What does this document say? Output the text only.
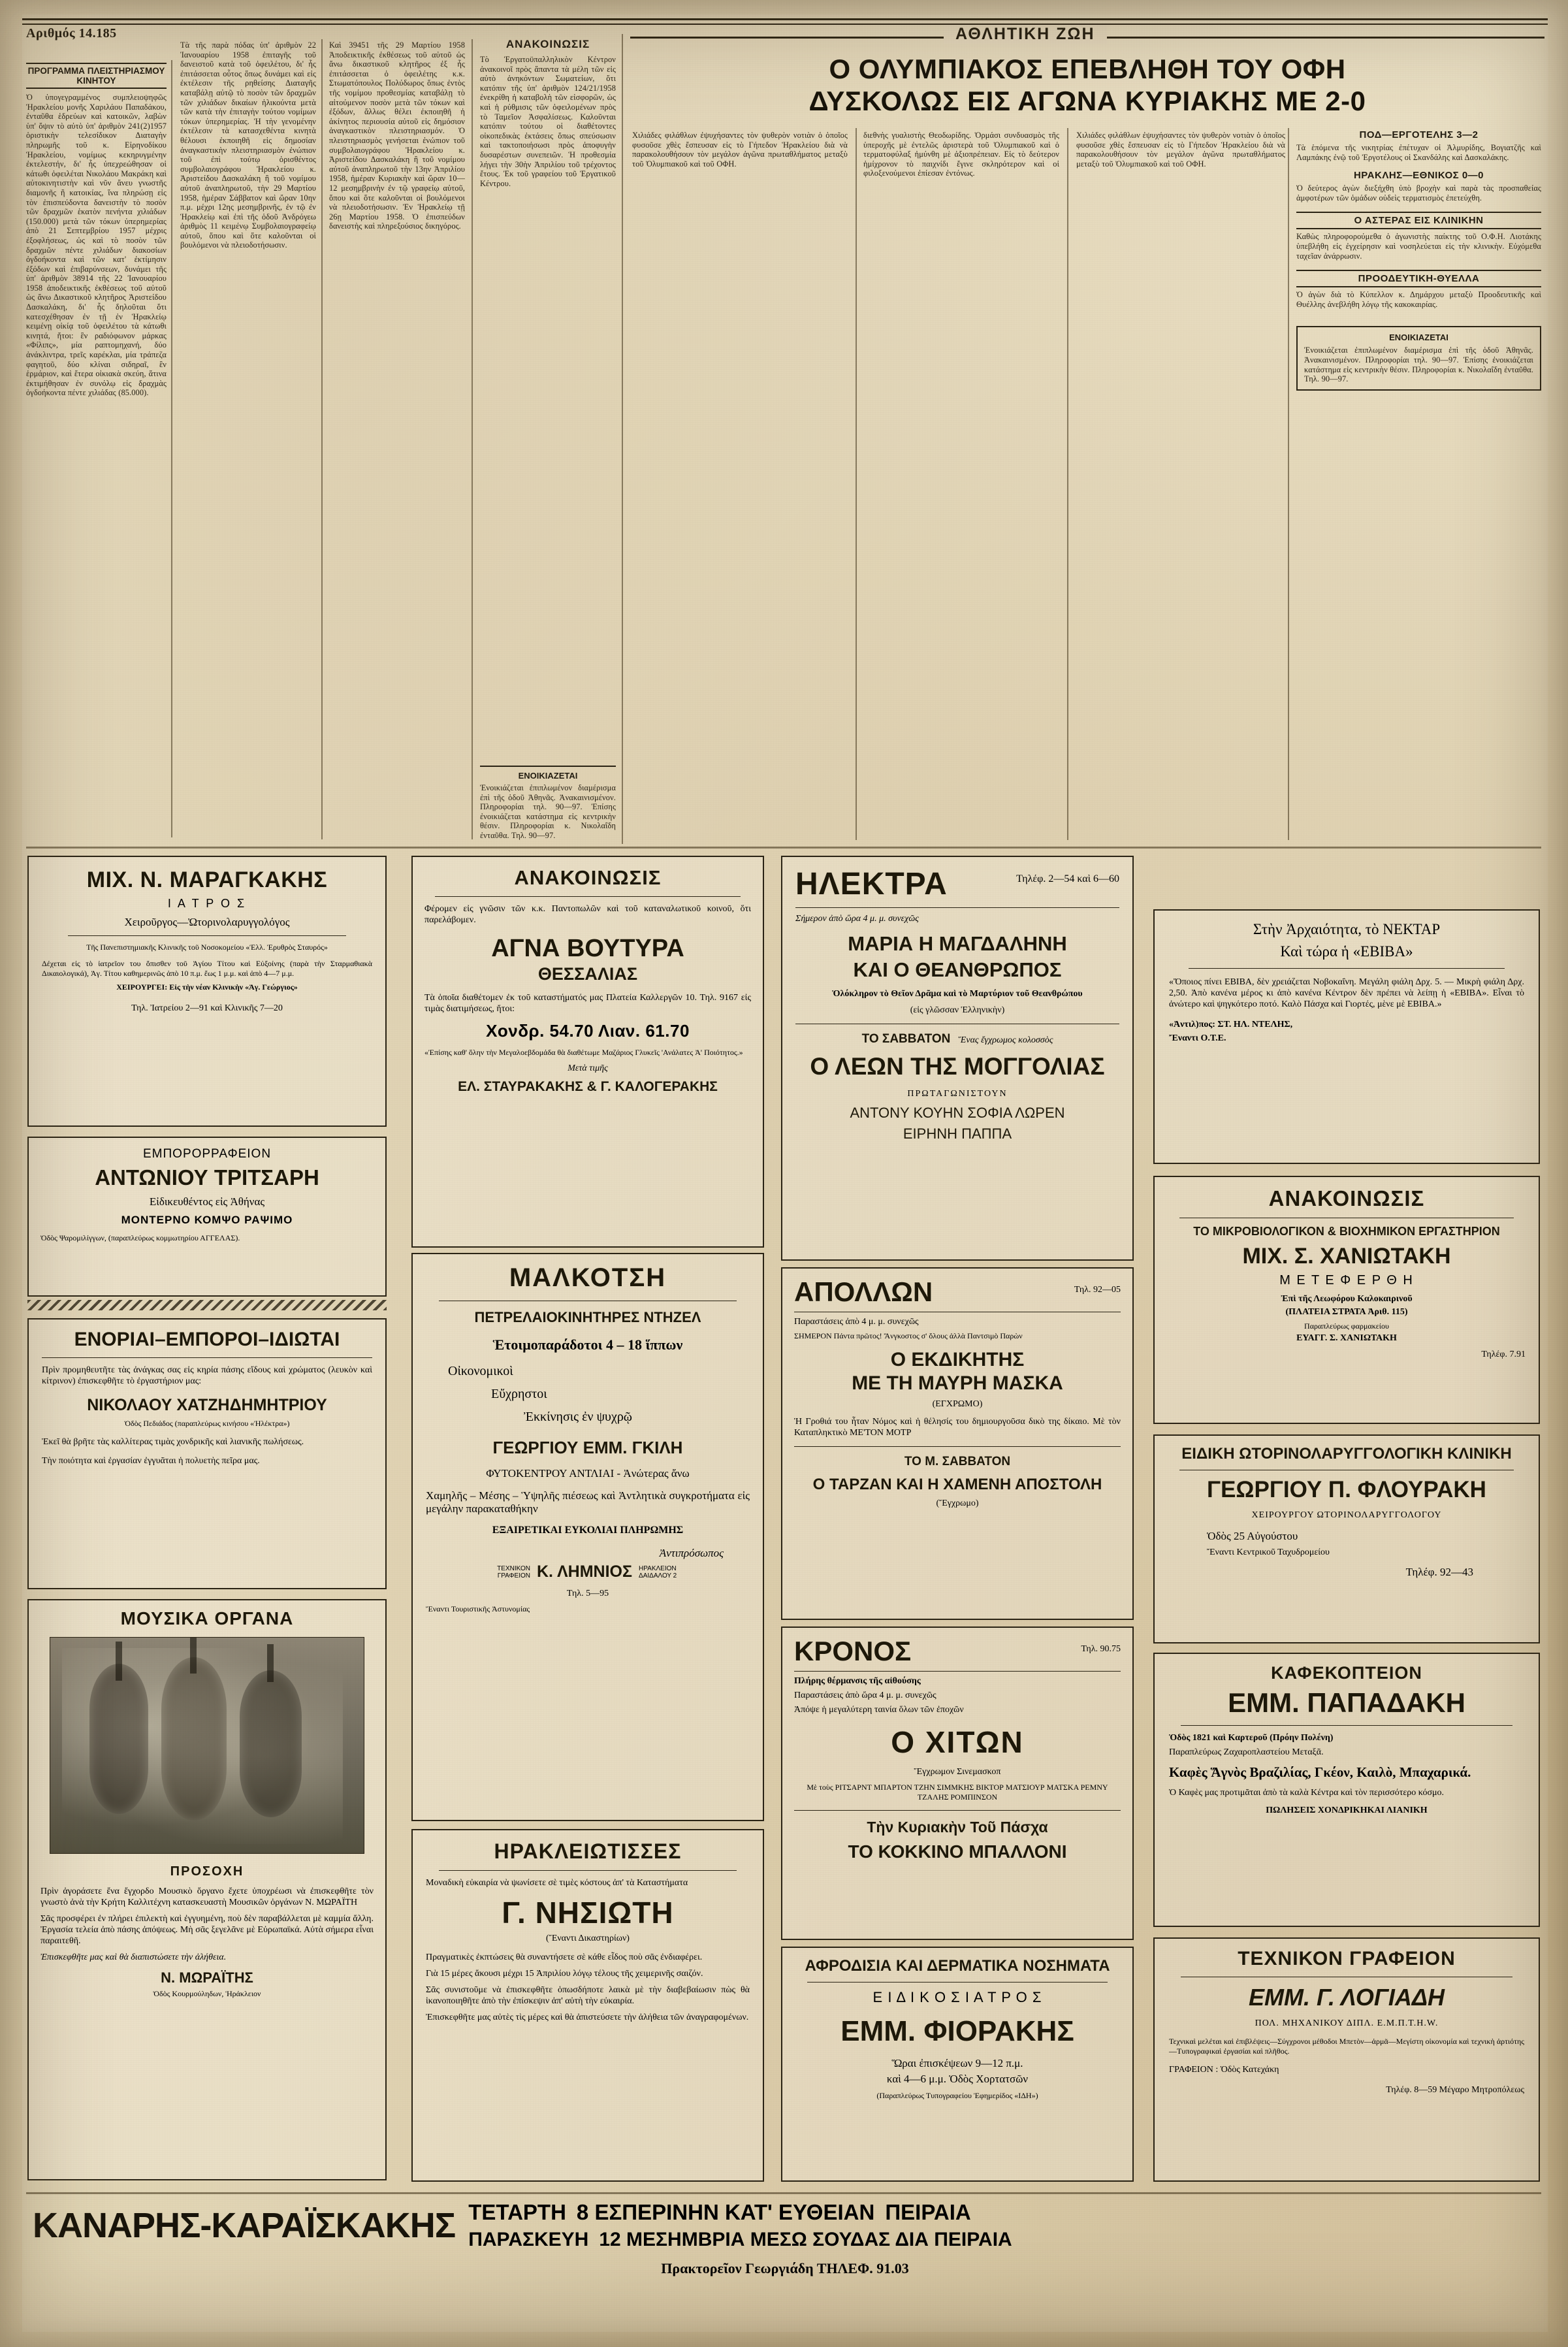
Αριθμός 14.185
ΠΡΟΓΡΑΜΜΑ ΠΛΕΙΣΤΗΡΙΑΣΜΟΥ ΚΙΝΗΤΟΥ
Ὁ ὑπογεγραμμένος συμπλειοψηφῶς Ἡρακλείου μονῆς Χαριλάου Παπαδάκου, ἐνταῦθα ἑδρεύων καὶ κατοικῶν, λαβὼν ὑπ' ὄψιν τὸ αὐτὸ ὑπ' ἀριθμὸν 241(2)1957 ὁριστικὴν τελεσίδικον Διαταγὴν πληρωμῆς τοῦ κ. Εἰρηνοδίκου Ἡρακλείου, νομίμως κεκηρυγμένην ἐκτελεστήν, δι' ἧς ὑπεχρεώθησαν οἱ κάτωθι ὀφειλέται Νικολάου Μακράκη καὶ αὐτοκινητιστὴν καὶ νῦν ἄνευ γνωστῆς διαμονῆς ἢ κατοικίας, ἵνα πληρώσῃ εἰς τὸν ἐπισπεύδοντα δανειστὴν τὸ ποσὸν τῶν δραχμῶν ἑκατὸν πενήντα χιλιάδων (150.000) μετὰ τῶν τόκων ὑπερημερίας ἀπὸ 21 Σεπτεμβρίου 1957 μέχρις ἐξοφλήσεως, ὡς καὶ τὸ ποσὸν τῶν δραχμῶν πέντε χιλιάδων διακοσίων ὀγδοήκοντα καὶ τῶν κατ' ἐκτίμησιν ἐξόδων καὶ ἐπιβαρύνσεων, δυνάμει τῆς ὑπ' ἀριθμὸν 38914 τῆς 22 Ἰανουαρίου 1958 ἀποδεικτικῆς ἐκθέσεως τοῦ αὐτοῦ ὡς ἄνω Δικαστικοῦ κλητῆρος Ἀριστείδου Δασκαλάκη, δι' ἧς δηλοῦται ὅτι κατεσχέθησαν ἐν τῇ ἐν Ἡρακλείῳ κειμένῃ οἰκίᾳ τοῦ ὀφειλέτου τὰ κάτωθι κινητά, ἤτοι: ἓν ραδιόφωνον μάρκας «Φίλιπς», μία ραπτομηχανή, δύο ἀνάκλιντρα, τρεῖς καρέκλαι, μία τράπεζα φαγητοῦ, δύο κλίναι σιδηραῖ, ἓν ἑρμάριον, καὶ ἕτερα οἰκιακὰ σκεύη, ἅτινα ἐκτιμήθησαν ἐν συνόλῳ εἰς δραχμὰς ὀγδοήκοντα πέντε χιλιάδας (85.000).
Τὰ τῆς παρὰ πόδας ὑπ' ἀριθμὸν 22 Ἰανουαρίου 1958 ἐπιταγῆς τοῦ δανειστοῦ κατὰ τοῦ ὀφειλέτου, δι' ἧς ἐπιτάσσεται οὗτος ὅπως δυνάμει καὶ εἰς ἐκτέλεσιν τῆς ρηθείσης Διαταγῆς καταβάλῃ αὐτῷ τὸ ποσὸν τῶν δραχμῶν τῶν χιλιάδων δικαίων ἡλικούντα μετὰ τῶν κατὰ τὴν ἐπιταγὴν τούτου νομίμων τόκων ὑπερημερίας. Ἡ τὴν γενομένην ἐκτέλεσιν τὰ κατασχεθέντα κινητὰ θέλουσι ἐκποιηθῆ εἰς δημοσίαν ἀναγκαστικὴν πλειστηριασμὸν ἐνώπιον τοῦ ἐπὶ τούτῳ ὁρισθέντος συμβολαιογράφου Ἡρακλείου κ. Ἀριστείδου Δασκαλάκη ἢ τοῦ νομίμου αὐτοῦ ἀναπληρωτοῦ, τὴν 29 Μαρτίου 1958, ἡμέραν Σάββατον καὶ ὥραν 10ην π.μ. μέχρι 12ης μεσημβρινῆς, ἐν τῷ ἐν Ἡρακλείῳ καὶ ἐπὶ τῆς ὁδοῦ Ἀνδρόγεω ἀριθμὸς 11 κειμένῳ Συμβολαιογραφείῳ αὐτοῦ, ὅπου καὶ ὅτε καλοῦνται οἱ βουλόμενοι νὰ πλειοδοτήσωσιν.
Καὶ 39451 τῆς 29 Μαρτίου 1958 Ἀποδεικτικῆς ἐκθέσεως τοῦ αὐτοῦ ὡς ἄνω δικαστικοῦ κλητῆρος ἐξ ἧς ἐπιτάσσεται ὁ ὀφειλέτης κ.κ. Στωματόπουλος Πολύδωρος ὅπως ἐντὸς τῆς νομίμου προθεσμίας καταβάλῃ τὸ αἰτούμενον ποσὸν μετὰ τῶν τόκων καὶ ἐξόδων, ἄλλως θέλει ἐκποιηθῆ ἡ ἀκίνητος περιουσία αὐτοῦ εἰς δημόσιον ἀναγκαστικὸν πλειστηριασμόν. Ὁ πλειστηριασμὸς γενήσεται ἐνώπιον τοῦ συμβολαιογράφου Ἡρακλείου κ. Ἀριστείδου Δασκαλάκη ἢ τοῦ νομίμου αὐτοῦ ἀναπληρωτοῦ τὴν 13ην Ἀπριλίου 1958, ἡμέραν Κυριακὴν καὶ ὥραν 10—12 μεσημβρινὴν ἐν τῷ γραφείῳ αὐτοῦ, ὅπου καὶ ὅτε καλοῦνται οἱ βουλόμενοι νὰ πλειοδοτήσωσιν. Ἐν Ἡρακλείῳ τῇ 26ῃ Μαρτίου 1958. Ὁ ἐπισπεύδων δανειστὴς καὶ πληρεξούσιος δικηγόρος.
ΑΝΑΚΟΙΝΩΣΙΣ
Τὸ Ἐργατοϋπαλληλικὸν Κέντρον ἀνακοινοῖ πρὸς ἅπαντα τὰ μέλη τῶν εἰς αὐτὸ ἀνηκόντων Σωματείων, ὅτι κατόπιν τῆς ὑπ' ἀριθμὸν 124/21/1958 ἐνεκρίθη ἡ καταβολὴ τῶν εἰσφορῶν, ὡς καὶ ἡ ρύθμισις τῶν ὀφειλομένων πρὸς τὸ Ταμεῖον Ἀσφαλίσεως. Καλοῦνται κατόπιν τούτου οἱ διαθέτοντες οἰκοπεδικὰς ἐκτάσεις ὅπως σπεύσωσιν καὶ τακτοποιήσωσι πρὸς ἀποφυγὴν δυσαρέστων συνεπειῶν. Ἡ προθεσμία λήγει τὴν 30ὴν Ἀπριλίου τοῦ τρέχοντος ἔτους. Ἐκ τοῦ γραφείου τοῦ Ἐργατικοῦ Κέντρου.
ΕΝΟΙΚΙΑΖΕΤΑΙ
Ἐνοικιάζεται ἐπιπλωμένον διαμέρισμα ἐπὶ τῆς ὁδοῦ Ἀθηνᾶς. Ἀνακαινισμένον. Πληροφορίαι τηλ. 90—97. Ἐπίσης ἐνοικιάζεται κατάστημα εἰς κεντρικὴν θέσιν. Πληροφορίαι κ. Νικολαΐδη ἐνταῦθα. Τηλ. 90—97.
ΑΘΛΗΤΙΚΗ ΖΩΗ
Ο ΟΛΥΜΠΙΑΚΟΣ ΕΠΕΒΛΗΘΗ ΤΟΥ ΟΦΗ
ΔΥΣΚΟΛΩΣ ΕΙΣ ΑΓΩΝΑ ΚΥΡΙΑΚΗΣ ΜΕ 2-0
Χιλιάδες φιλάθλων ἐψυχήσαντες τὸν ψυθερὸν νοτιὰν ὁ ὁποῖος φυσοῦσε χθὲς ἔσπευσαν εἰς τὸ Γήπεδον Ἡρακλείου διὰ νὰ παρακολουθήσουν τὸν μεγάλον ἀγῶνα πρωταθλήματος μεταξὺ τοῦ Ὀλυμπιακοῦ καὶ τοῦ ΟΦΗ.
διεθνὴς γυαλιστὴς Θεοδωρίδης. Ὁρμάσι συνδυασμὸς τῆς ὑπεροχῆς μὲ ἐντελῶς ἀριστερὰ τοῦ Ὀλυμπιακοῦ καὶ ὁ τερματοφύλαξ ἠμύνθη μὲ ἀξιοπρέπειαν. Εἰς τὸ δεύτερον ἡμίχρονον τὸ παιχνίδι ἔγινε σκληρότερον καὶ οἱ φιλοξενούμενοι ἐπίεσαν ἐντόνως.
Χιλιάδες φιλάθλων ἐψυχήσαντες τὸν ψυθερὸν νοτιὰν ὁ ὁποῖος φυσοῦσε χθὲς ἔσπευσαν εἰς τὸ Γήπεδον Ἡρακλείου διὰ νὰ παρακολουθήσουν τὸν μεγάλον ἀγῶνα πρωταθλήματος μεταξὺ τοῦ Ὀλυμπιακοῦ καὶ τοῦ ΟΦΗ.
ΠΟΔ—ΕΡΓΟΤΕΛΗΣ 3—2
Τὰ ἑπόμενα τῆς νικητρίας ἐπέτυχαν οἱ Ἀλμυρίδης, Βογιατζῆς καὶ Λαμπάκης ἐνῷ τοῦ Ἐργοτέλους οἱ Σκανδάλης καὶ Δασκαλάκης.
ΗΡΑΚΛΗΣ—ΕΘΝΙΚΟΣ 0—0
Ὁ δεύτερος ἀγὼν διεξήχθη ὑπὸ βροχὴν καὶ παρὰ τὰς προσπαθείας ἀμφοτέρων τῶν ὁμάδων οὐδεὶς τερματισμὸς ἐπετεύχθη.
Ο ΑΣΤΕΡΑΣ ΕΙΣ ΚΛΙΝΙΚΗΝ
Καθὼς πληροφορούμεθα ὁ ἀγωνιστὴς παίκτης τοῦ Ο.Φ.Η. Λιοτάκης ὑπεβλήθη εἰς ἐγχείρησιν καὶ νοσηλεύεται εἰς τὴν κλινικὴν. Εὐχόμεθα ταχεῖαν ἀνάρρωσιν.
ΠΡΟΟΔΕΥΤΙΚΗ-ΘΥΕΛΛΑ
Ὁ ἀγὼν διὰ τὸ Κύπελλον κ. Δημάρχου μεταξὺ Προοδευτικῆς καὶ Θυέλλης ἀνεβλήθη λόγῳ τῆς κακοκαιρίας.
ΕΝΟΙΚΙΑΖΕΤΑΙ
Ἐνοικιάζεται ἐπιπλωμένον διαμέρισμα ἐπὶ τῆς ὁδοῦ Ἀθηνᾶς. Ἀνακαινισμένον. Πληροφορίαι τηλ. 90—97. Ἐπίσης ἐνοικιάζεται κατάστημα εἰς κεντρικὴν θέσιν. Πληροφορίαι κ. Νικολαΐδη ἐνταῦθα. Τηλ. 90—97.
ΜΙΧ. Ν. ΜΑΡΑΓΚΑΚΗΣ
Ι Α Τ Ρ Ο Σ
Χειροῦργος—Ὠτορινολαρυγγολόγος
Τῆς Πανεπιστημιακῆς Κλινικῆς τοῦ Νοσοκομείου «Ἑλλ. Ἐρυθρὸς Σταυρός»
Δέχεται εἰς τὸ ἰατρεῖον του ὄπισθεν τοῦ Ἁγίου Τίτου καὶ Εὐξοίνης (παρὰ τὴν Σταρμαθιακὰ Δικαιολογικά), Ἁγ. Τίτου καθημερινῶς ἀπὸ 10 π.μ. ἕως 1 μ.μ. καὶ ἀπὸ 4—7 μ.μ.
ΧΕΙΡΟΥΡΓΕΙ: Εἰς τὴν νέαν Κλινικὴν «Ἁγ. Γεώργιος»
Τηλ. Ἰατρείου 2—91 καὶ Κλινικῆς 7—20
ΕΜΠΟΡΟΡΡΑΦΕΙΟΝ
ΑΝΤΩΝΙΟΥ ΤΡΙΤΣΑΡΗ
Εἰδικευθέντος εἰς Ἀθήνας
ΜΟΝΤΕΡΝΟ ΚΟΜΨΟ ΡΑΨΙΜΟ
Ὁδὸς Ψαρομιλίγγων, (παραπλεύρως κομμωτηρίου ΑΓΓΕΛΑΣ).
ΕΝΟΡΙΑΙ–ΕΜΠΟΡΟΙ–ΙΔΙΩΤΑΙ
Πρὶν προμηθευτῆτε τὰς ἀνάγκας σας εἰς κηρία πάσης εἴδους καὶ χρώματος (λευκὸν καὶ κίτρινον) ἐπισκεφθῆτε τὸ ἐργαστήριον μας:
ΝΙΚΟΛΑΟΥ ΧΑΤΖΗΔΗΜΗΤΡΙΟΥ
Ὁδὸς Πεδιάδος (παραπλεύρως κινήσου «Ἠλέκτρα»)
Ἐκεῖ θὰ βρῆτε τὰς καλλίτερας τιμὰς χονδρικῆς καὶ λιανικῆς πωλήσεως.
Τὴν ποιότητα καὶ ἐργασίαν ἐγγυᾶται ἡ πολυετὴς πεῖρα μας.
ΜΟΥΣΙΚΑ ΟΡΓΑΝΑ
ΠΡΟΣΟΧΗ
Πρὶν ἀγοράσετε ἕνα ἔγχορδο Μουσικὸ ὄργανο ἔχετε ὑποχρέωσι νὰ ἐπισκεφθῆτε τὸν γνωστὸ ἀνὰ τὴν Κρήτη Καλλιτέχνη κατασκευαστὴ Μουσικῶν ὀργάνων Ν. ΜΩΡΑΪΤΗ
Σᾶς προσφέρει ἐν πλήρει ἐπιλεκτὴ καὶ ἐγγυημένη, ποὺ δὲν παραβάλλεται μὲ καμμία ἄλλη. Ἐργασία τελεία ἀπὸ πάσης ἀπόψεως. Μὴ σᾶς ξεγελᾶνε μὲ Εὐρωπαϊκά. Αὐτὰ σήμερα εἶναι παραιτεθῆ.
Ἐπισκεφθῆτε μας καὶ θὰ διαπιστώσετε τὴν ἀλήθεια.
Ν. ΜΩΡΑΪΤΗΣ
Ὁδὸς Κουρμούληδων, Ἡράκλειον
ΑΝΑΚΟΙΝΩΣΙΣ
Φέρομεν εἰς γνῶσιν τῶν κ.κ. Παντοπωλῶν καὶ τοῦ καταναλωτικοῦ κοινοῦ, ὅτι παρελάβομεν.
ΑΓΝΑ ΒΟΥΤΥΡΑ
ΘΕΣΣΑΛΙΑΣ
Τὰ ὁποῖα διαθέτομεν ἐκ τοῦ καταστήματός μας Πλατεία Καλλεργῶν 10. Τηλ. 9167 εἰς τιμὰς διατιμήσεως, ἤτοι:
Χονδρ. 54.70 Λιαν. 61.70
«Ἐπίσης καθ' ὅλην τὴν Μεγαλοεβδομάδα θὰ διαθέτωμε Μαζάριος Γλυκεῖς 'Ανάλατες Ἀ' Ποιότητος.»
Μετὰ τιμῆς
ΕΛ. ΣΤΑΥΡΑΚΑΚΗΣ & Γ. ΚΑΛΟΓΕΡΑΚΗΣ
ΜΑΛΚΟΤΣΗ
ΠΕΤΡΕΛΑΙΟΚΙΝΗΤΗΡΕΣ ΝΤΗΖΕΛ
Ἑτοιμοπαράδοτοι 4 – 18 ἵππων
Οἰκονομικοὶ
Εὔχρηστοι
Ἐκκίνησις ἐν ψυχρῷ
ΓΕΩΡΓΙΟΥ ΕΜΜ. ΓΚΙΛΗ
ΦΥΤΟΚΕΝΤΡΟΥ ΑΝΤΛΙΑΙ - Ἀνώτερας ἄνω
Χαμηλῆς – Μέσης – Ὑψηλῆς πιέσεως καὶ Ἀντλητικὰ συγκροτήματα εἰς μεγάλην παρακαταθήκην
ΕΞΑΙΡΕΤΙΚΑΙ ΕΥΚΟΛΙΑΙ ΠΛΗΡΩΜΗΣ
Ἀντιπρόσωπος
ΤΕΧΝΙΚΟΝ ΓΡΑΦΕΙΟΝ Κ. ΛΗΜΝΙΟΣ ΗΡΑΚΛΕΙΟΝ ΔΑΙΔΑΛΟΥ 2
Τηλ. 5—95
Ἔναντι Τουριστικῆς Ἀστυνομίας
ΗΡΑΚΛΕΙΩΤΙΣΣΕΣ
Μοναδικὴ εὐκαιρία νὰ ψωνίσετε σὲ τιμὲς κόστους ἀπ' τὰ Καταστήματα
Γ. ΝΗΣΙΩΤΗ
(Ἔναντι Δικαστηρίων)
Πραγματικὲς ἐκπτώσεις θὰ συναντήσετε σὲ κάθε εἶδος ποὺ σᾶς ἐνδιαφέρει.
Γιὰ 15 μέρες ἄκουσι μέχρι 15 Ἀπριλίου λόγῳ τέλους τῆς χειμερινῆς σαιζόν.
Σᾶς συνιστοῦμε νὰ ἐπισκεφθῆτε ὁπωσδήποτε λαικὰ μὲ τὴν διαβεβαίωσιν πὼς θὰ ἱκανοποιηθῆτε ἀπὸ τὴν ἐπίσκεψιν ἀπ' αὐτὴ τὴν εὐκαιρία.
Ἐπισκεφθῆτε μας αὐτὲς τὶς μέρες καὶ θὰ ἀπιστεύσετε τὴν ἀλήθεια τῶν ἀναγραφομένων.
ΗΛΕΚΤΡΑ	Τηλέφ. 2—54 καὶ 6—60
Σήμερον ἀπὸ ὥρα 4 μ. μ. συνεχῶς
ΜΑΡΙΑ Η ΜΑΓΔΑΛΗΝΗ
ΚΑΙ Ο ΘΕΑΝΘΡΩΠΟΣ
Ὁλόκληρον τὸ Θεῖον Δρᾶμα καὶ τὸ Μαρτύριον τοῦ Θεανθρώπου
(εἰς γλῶσσαν Ἑλληνικὴν)
ΤΟ ΣΑΒΒΑΤΟΝ Ἕνας ἔγχρωμος κολοσσὸς
Ο ΛΕΩΝ ΤΗΣ ΜΟΓΓΟΛΙΑΣ
ΠΡΩΤΑΓΩΝΙΣΤΟΥΝ
ΑΝΤΟΝΥ ΚΟΥΗΝ ΣΟΦΙΑ ΛΩΡΕΝ
ΕΙΡΗΝΗ ΠΑΠΠΑ
ΑΠΟΛΛΩΝ	Τηλ. 92—05
Παραστάσεις ἀπὸ 4 μ. μ. συνεχῶς
ΣΗΜΕΡΟΝ Πάντα πρῶτος! Ἄνγκοστος σ' ὅλους ἀλλὰ Παντσιμὸ Παρὼν
Ο ΕΚΔΙΚΗΤΗΣ
ΜΕ ΤΗ ΜΑΥΡΗ ΜΑΣΚΑ
(ΕΓΧΡΩΜΟ)
Ἡ Γροθιά του ἦταν Νόμος καὶ ἡ θέλησίς του δημιουργοῦσα δικὸ της δίκαιο. Μὲ τὸν Καταπληκτικὸ ΜΕ'ΤΟΝ ΜΟΤΡ
ΤΟ Μ. ΣΑΒΒΑΤΟΝ
Ο ΤΑΡΖΑΝ ΚΑΙ Η ΧΑΜΕΝΗ ΑΠΟΣΤΟΛΗ
(Ἔγχρωμο)
ΚΡΟΝΟΣ	Τηλ. 90.75
Πλήρης θέρμανσις τῆς αἰθούσης
Παραστάσεις ἀπὸ ὥρα 4 μ. μ. συνεχῶς
Ἀπόψε ἡ μεγαλύτερη ταινία ὅλων τῶν ἐποχῶν
Ο ΧΙΤΩΝ
Ἔγχρωμον Σινεμασκοπ
Μὲ τοὺς ΡΙΤΣΑΡΝΤ ΜΠΑΡΤΟΝ ΤΖΗΝ ΣΙΜΜΚΗΣ ΒΙΚΤΟΡ ΜΑΤΣΙΟΥΡ ΜΑΤΣΚΑ ΡΕΜΝΥ ΤΖΑΛΗΣ ΡΟΜΠΙΝΣΟΝ
Τὴν Κυριακὴν Τοῦ Πάσχα
ΤΟ ΚΟΚΚΙΝΟ ΜΠΑΛΛΟΝΙ
ΑΦΡΟΔΙΣΙΑ ΚΑΙ ΔΕΡΜΑΤΙΚΑ ΝΟΣΗΜΑΤΑ
Ε Ι Δ Ι Κ Ο Σ Ι Α Τ Ρ Ο Σ
ΕΜΜ. ΦΙΟΡΑΚΗΣ
Ὥραι ἐπισκέψεων 9—12 π.μ.
καὶ 4—6 μ.μ. Ὁδὸς Χορτατσῶν
(Παραπλεύρως Τυπογραφείου Ἐφημερίδος «ΙΔΗ»)
Στὴν Ἀρχαιότητα, τὸ ΝΕΚΤΑΡ
Καὶ τώρα ἡ «ΕΒΙΒΑ»
«Ὅποιος πίνει ΕΒΙΒΑ, δὲν χρειάζεται Νοβοκαΐνη. Μεγάλη φιάλη Δρχ. 5. — Μικρὴ φιάλη Δρχ. 2,50. Ἀπὸ κανένα μέρος κι ἀπὸ κανένα Κέντρον δὲν πρέπει νὰ λείπῃ ἡ «ΕΒΙΒΑ». Εἶναι τὸ ἀνώτερο καὶ ψηγκότερο ποτό. Καλὸ Πάσχα καὶ Γιορτές, μὲνε μὲ ΕΒΙΒΑ.»
«Ἀντιλ)πος: ΣΤ. ΗΛ. ΝΤΕΛΗΣ,
Ἔναντι Ο.Τ.Ε.
ΑΝΑΚΟΙΝΩΣΙΣ
ΤΟ ΜΙΚΡΟΒΙΟΛΟΓΙΚΟΝ & ΒΙΟΧΗΜΙΚΟΝ ΕΡΓΑΣΤΗΡΙΟΝ
ΜΙΧ. Σ. ΧΑΝΙΩΤΑΚΗ
Μ Ε Τ Ε Φ Ε Ρ Θ Η
Ἐπὶ τῆς Λεωφόρου Καλοκαιρινοῦ
(ΠΛΑΤΕΙΑ ΣΤΡΑΤΑ Ἀριθ. 115)
Παραπλεύρως φαρμακείου
ΕΥΑΓΓ. Σ. ΧΑΝΙΩΤΑΚΗ
Τηλέφ. 7.91
ΕΙΔΙΚΗ ΩΤΟΡΙΝΟΛΑΡΥΓΓΟΛΟΓΙΚΗ ΚΛΙΝΙΚΗ
ΓΕΩΡΓΙΟΥ Π. ΦΛΟΥΡΑΚΗ
ΧΕΙΡΟΥΡΓΟΥ ΩΤΟΡΙΝΟΛΑΡΥΓΓΟΛΟΓΟΥ
Ὁδὸς 25 Αὐγούστου
Ἔναντι Κεντρικοῦ Ταχυδρομείου
Τηλέφ. 92—43
ΚΑΦΕΚΟΠΤΕΙΟΝ
ΕΜΜ. ΠΑΠΑΔΑΚΗ
Ὁδὸς 1821 καὶ Καρτεροῦ (Πρόην Πολένη)
Παραπλεύρως Ζαχαροπλαστείου Μεταξᾶ.
Καφὲς Ἅγνὸς Βραζιλίας, Γκέον, Καιλὸ, Μπαχαρικά.
Ὁ Καφὲς μας προτιμᾶται ἀπὸ τὰ καλὰ Κέντρα καὶ τὸν περισσότερο κόσμο.
ΠΩΛΗΣΕΙΣ ΧΟΝΔΡΙΚΗΚΑΙ ΛΙΑΝΙΚΗ
ΤΕΧΝΙΚΟΝ ΓΡΑΦΕΙΟΝ
ΕΜΜ. Γ. ΛΟΓΙΑΔΗ
ΠΟΛ. ΜΗΧΑΝΙΚΟΥ ΔΙΠΛ. Ε.Μ.Π.Τ.Η.W.
Τεχνικαὶ μελέται καὶ ἐπιβλέψεις—Σύγχρονοι μέθοδοι Μπετὸν—ἀρμᾶ—Μεγίστη οἰκονομία καὶ τεχνικὴ ἀρτιότης—Τυπογραφικαὶ ἐργασίαι καὶ πλῆθος.
ΓΡΑΦΕΙΟΝ : Ὁδὸς Κατεχάκη
Τηλέφ. 8—59 Μέγαρο Μητροπόλεως
ΚΑΝΑΡΗΣ-ΚΑΡΑΪΣΚΑΚΗΣ ΤΕΤΑΡΤΗ 8 ΕΣΠΕΡΙΝΗΝ ΚΑΤ' ΕΥΘΕΙΑΝ ΠΕΙΡΑΙΑ
ΠΑΡΑΣΚΕΥΗ 12 ΜΕΣΗΜΒΡΙΑ ΜΕΣΩ ΣΟΥΔΑΣ ΔΙΑ ΠΕΙΡΑΙΑ
Πρακτορεῖον Γεωργιάδη ΤΗΛΕΦ. 91.03
